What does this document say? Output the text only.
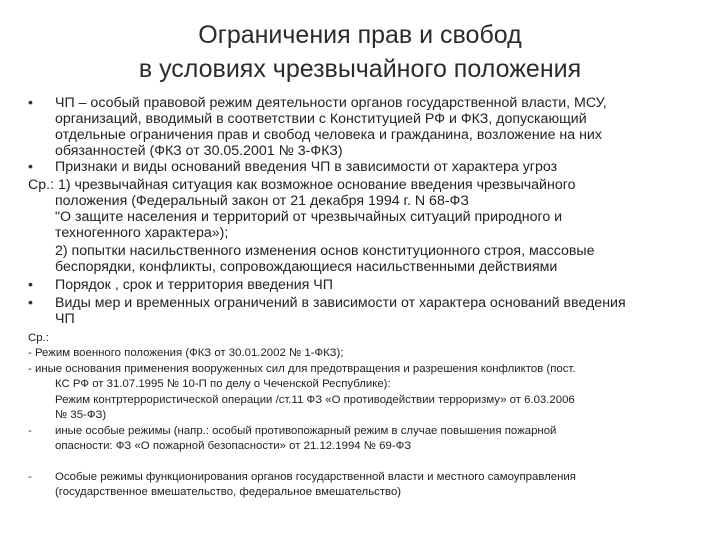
Ограничения прав и свобод
в условиях чрезвычайного положения
• ЧП – особый правовой режим деятельности органов государственной власти, МСУ,
организаций, вводимый в соответствии с Конституцией РФ и ФКЗ, допускающий
отдельные ограничения прав и свобод человека и гражданина, возложение на них
обязанностей (ФКЗ от 30.05.2001 № 3-ФКЗ)
• Признаки и виды оснований введения ЧП в зависимости от характера угроз
Ср.: 1) чрезвычайная ситуация как возможное основание введения чрезвычайного
положения (Федеральный закон от 21 декабря 1994 г. N 68-ФЗ
"О защите населения и территорий от чрезвычайных ситуаций природного и
техногенного характера»);
2) попытки насильственного изменения основ конституционного строя, массовые
беспорядки, конфликты, сопровождающиеся насильственными действиями
• Порядок , срок и территория введения ЧП
• Виды мер и временных ограничений в зависимости от характера оснований введения
ЧП
Ср.:
- Режим военного положения (ФКЗ от 30.01.2002 № 1-ФКЗ);
- иные основания применения вооруженных сил для предотвращения и разрешения конфликтов (пост.
КС РФ от 31.07.1995 № 10-П по делу о Чеченской Республике):
Режим контртеррористической операции /ст.11 ФЗ «О противодействии терроризму» от 6.03.2006
№ 35-ФЗ)
- иные особые режимы (напр.: особый противопожарный режим в случае повышения пожарной
опасности: ФЗ «О пожарной безопасности» от 21.12.1994 № 69-ФЗ
- Особые режимы функционирования органов государственной власти и местного самоуправления
(государственное вмешательство, федеральное вмешательство)
